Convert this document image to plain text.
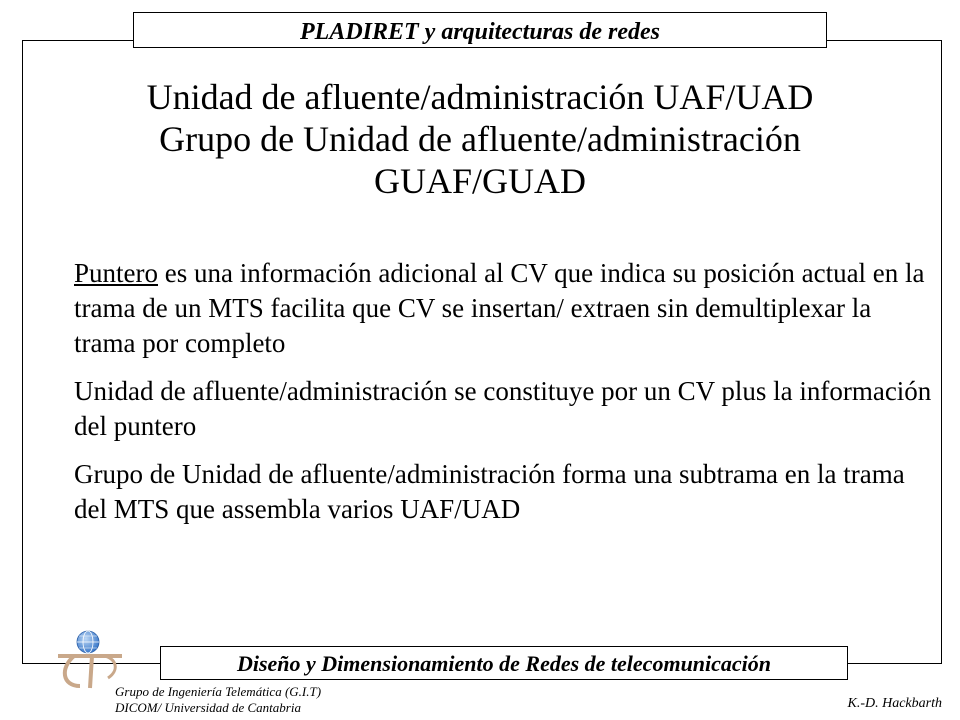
PLADIRET y arquitecturas de redes
Unidad de afluente/administración UAF/UAD
Grupo de Unidad de afluente/administración
GUAF/GUAD

Puntero es una información adicional al CV que indica su posición actual en la trama de un MTS facilita que CV se insertan/ extraen sin demultiplexar la trama por completo

Unidad de afluente/administración se constituye por un CV plus la información del puntero

Grupo de Unidad de afluente/administración forma una subtrama en la trama del MTS que assembla varios UAF/UAD

Diseño y Dimensionamiento de Redes de telecomunicación
Grupo de Ingeniería Telemática (G.I.T)
DICOM/ Universidad de Cantabria	K.-D. Hackbarth
